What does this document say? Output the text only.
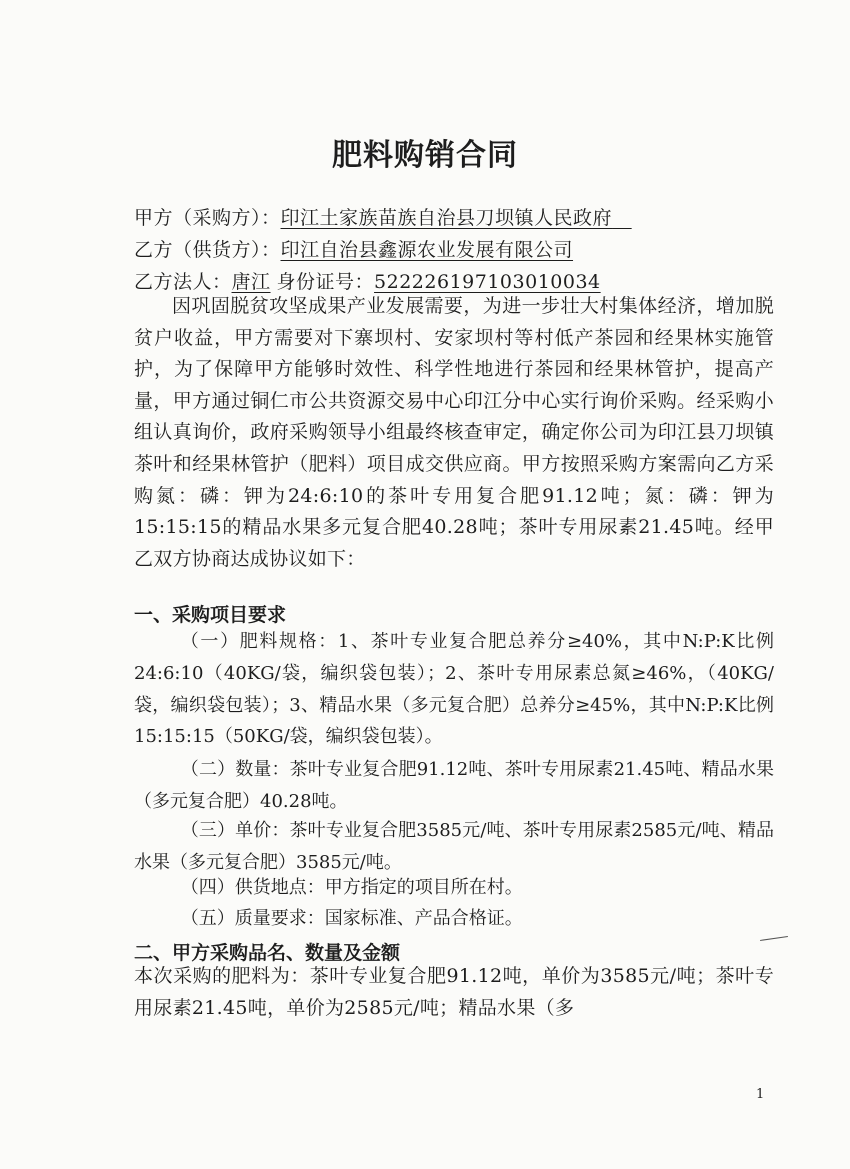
肥料购销合同
甲方（采购方）：印江土家族苗族自治县刀坝镇人民政府
乙方（供货方）：印江自治县鑫源农业发展有限公司
乙方法人：唐江 身份证号：522226197103010034
因巩固脱贫攻坚成果产业发展需要，为进一步壮大村集体经济，增加脱贫户收益，甲方需要对下寨坝村、安家坝村等村低产茶园和经果林实施管护，为了保障甲方能够时效性、科学性地进行茶园和经果林管护，提高产量，甲方通过铜仁市公共资源交易中心印江分中心实行询价采购。经采购小组认真询价，政府采购领导小组最终核查审定，确定你公司为印江县刀坝镇茶叶和经果林管护（肥料）项目成交供应商。甲方按照采购方案需向乙方采购氮：磷：钾为24:6:10的茶叶专用复合肥91.12吨；氮：磷：钾为15:15:15的精品水果多元复合肥40.28吨；茶叶专用尿素21.45吨。经甲乙双方协商达成协议如下：
一、采购项目要求
（一）肥料规格：1、茶叶专业复合肥总养分≥40%，其中N:P:K比例24:6:10（40KG/袋，编织袋包装）；2、茶叶专用尿素总氮≥46%，（40KG/袋，编织袋包装）；3、精品水果（多元复合肥）总养分≥45%，其中N:P:K比例15:15:15（50KG/袋，编织袋包装）。
（二）数量：茶叶专业复合肥91.12吨、茶叶专用尿素21.45吨、精品水果（多元复合肥）40.28吨。
（三）单价：茶叶专业复合肥3585元/吨、茶叶专用尿素2585元/吨、精品水果（多元复合肥）3585元/吨。
（四）供货地点：甲方指定的项目所在村。
（五）质量要求：国家标准、产品合格证。
二、甲方采购品名、数量及金额
本次采购的肥料为：茶叶专业复合肥91.12吨，单价为3585元/吨；茶叶专用尿素21.45吨，单价为2585元/吨；精品水果（多
1
